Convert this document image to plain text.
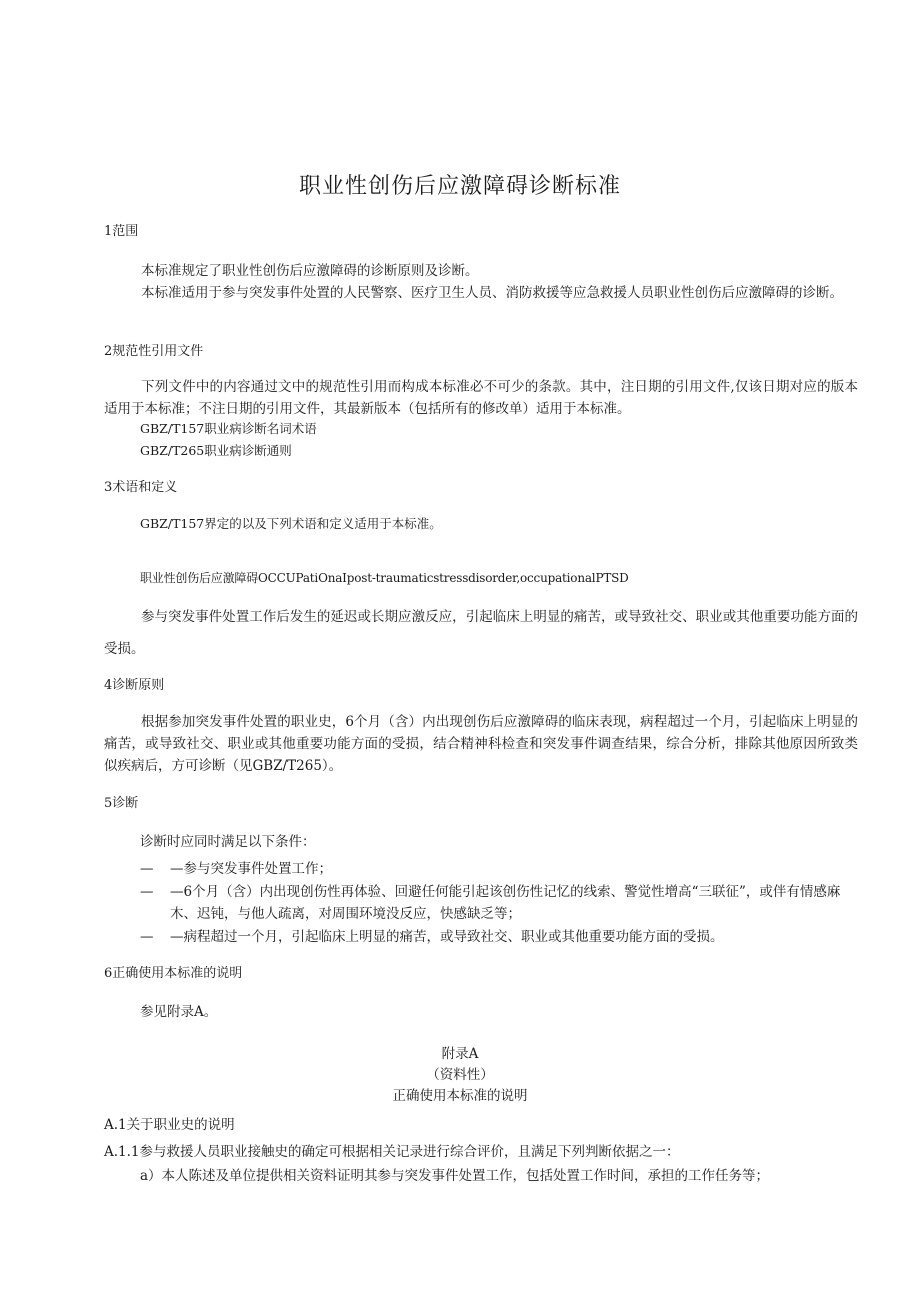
职业性创伤后应激障碍诊断标准
1范围

本标准规定了职业性创伤后应激障碍的诊断原则及诊断。

本标准适用于参与突发事件处置的人民警察、医疗卫生人员、消防救援等应急救援人员职业性创伤后应激障碍的诊断。

2规范性引用文件

下列文件中的内容通过文中的规范性引用而构成本标准必不可少的条款。其中，注日期的引用文件,仅该日期对应的版本适用于本标准；不注日期的引用文件，其最新版本（包括所有的修改单）适用于本标准。

GBZ/T157职业病诊断名词术语
GBZ/T265职业病诊断通则
3术语和定义
GBZ/T157界定的以及下列术语和定义适用于本标准。
职业性创伤后应激障碍OCCUPatiOnaIpost-traumaticstressdisorder,occupationalPTSD

参与突发事件处置工作后发生的延迟或长期应激反应，引起临床上明显的痛苦，或导致社交、职业或其他重要功能方面的受损。

4诊断原则

根据参加突发事件处置的职业史，6个月（含）内出现创伤后应激障碍的临床表现，病程超过一个月，引起临床上明显的痛苦，或导致社交、职业或其他重要功能方面的受损，结合精神科检查和突发事件调查结果，综合分析，排除其他原因所致类似疾病后，方可诊断（见GBZ/T265）。

5诊断
诊断时应同时满足以下条件：
— —参与突发事件处置工作；
— —6个月（含）内出现创伤性再体验、回避任何能引起该创伤性记忆的线索、警觉性增高“三联征”，或伴有情感麻木、迟钝，与他人疏离，对周围环境没反应，快感缺乏等；
— —病程超过一个月，引起临床上明显的痛苦，或导致社交、职业或其他重要功能方面的受损。
6正确使用本标准的说明
参见附录A。
附录A
（资料性）
正确使用本标准的说明
A.1关于职业史的说明
A.1.1参与救援人员职业接触史的确定可根据相关记录进行综合评价，且满足下列判断依据之一：
a）本人陈述及单位提供相关资料证明其参与突发事件处置工作，包括处置工作时间，承担的工作任务等；
